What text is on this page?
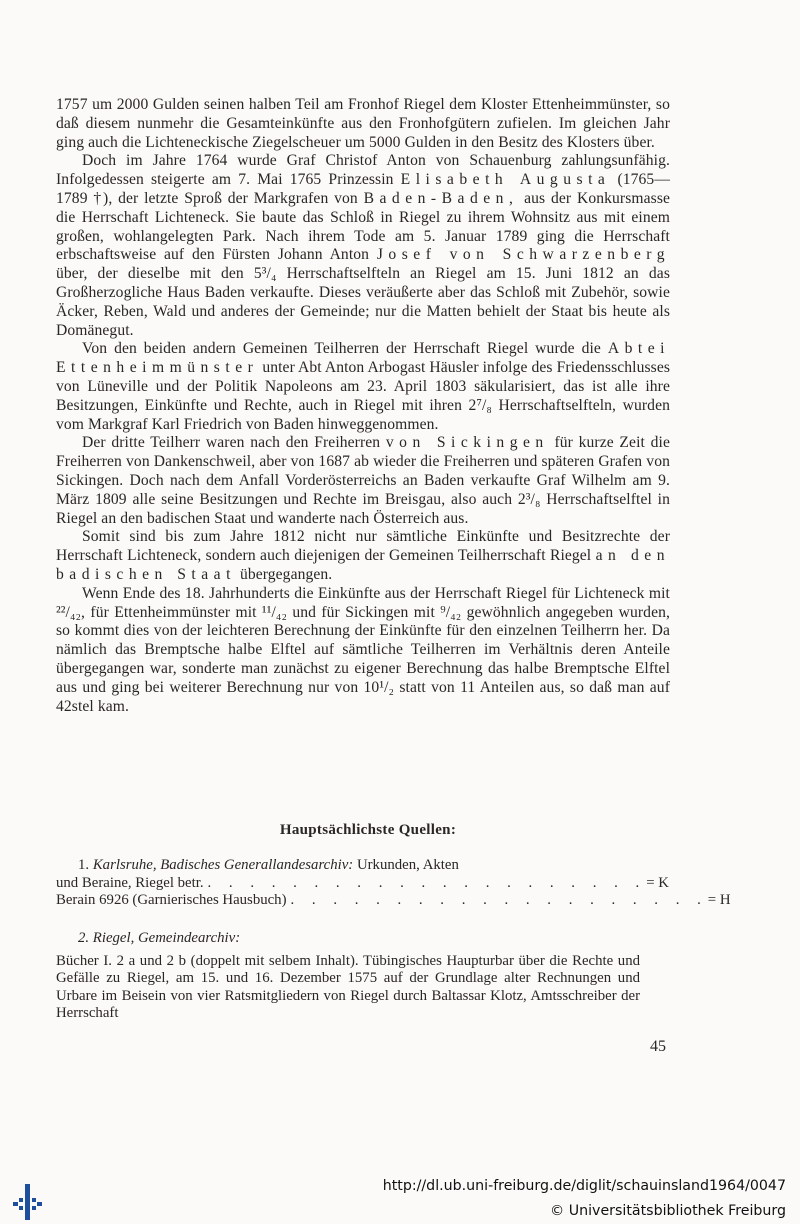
1757 um 2000 Gulden seinen halben Teil am Fronhof Riegel dem Kloster Ettenheimmünster, so daß diesem nunmehr die Gesamteinkünfte aus den Fronhofgütern zufielen. Im gleichen Jahr ging auch die Lichteneckische Ziegelscheuer um 5000 Gulden in den Besitz des Klosters über.

Doch im Jahre 1764 wurde Graf Christof Anton von Schauenburg zahlungsunfähig. Infolgedessen steigerte am 7. Mai 1765 Prinzessin Elisabeth Augusta (1765—1789 †), der letzte Sproß der Markgrafen von Baden-Baden, aus der Konkursmasse die Herrschaft Lichteneck. Sie baute das Schloß in Riegel zu ihrem Wohnsitz aus mit einem großen, wohlangelegten Park. Nach ihrem Tode am 5. Januar 1789 ging die Herrschaft erbschaftsweise auf den Fürsten Johann Anton Josef von Schwarzenberg über, der dieselbe mit den 5³/₄ Herrschaftselfteln an Riegel am 15. Juni 1812 an das Großherzogliche Haus Baden verkaufte. Dieses veräußerte aber das Schloß mit Zubehör, sowie Äcker, Reben, Wald und anderes der Gemeinde; nur die Matten behielt der Staat bis heute als Domänegut.

Von den beiden andern Gemeinen Teilherren der Herrschaft Riegel wurde die Abtei Ettenheimmünster unter Abt Anton Arbogast Häusler infolge des Friedensschlusses von Lüneville und der Politik Napoleons am 23. April 1803 säkularisiert, das ist alle ihre Besitzungen, Einkünfte und Rechte, auch in Riegel mit ihren 2⁷/₈ Herrschaftselfteln, wurden vom Markgraf Karl Friedrich von Baden hinweggenommen.

Der dritte Teilherr waren nach den Freiherren von Sickingen für kurze Zeit die Freiherren von Dankenschweil, aber von 1687 ab wieder die Freiherren und späteren Grafen von Sickingen. Doch nach dem Anfall Vorderösterreichs an Baden verkaufte Graf Wilhelm am 9. März 1809 alle seine Besitzungen und Rechte im Breisgau, also auch 2³/₈ Herrschaftselftel in Riegel an den badischen Staat und wanderte nach Österreich aus.

Somit sind bis zum Jahre 1812 nicht nur sämtliche Einkünfte und Besitzrechte der Herrschaft Lichteneck, sondern auch diejenigen der Gemeinen Teilherrschaft Riegel an den badischen Staat übergegangen.

Wenn Ende des 18. Jahrhunderts die Einkünfte aus der Herrschaft Riegel für Lichteneck mit ²²/₄₂, für Ettenheimmünster mit ¹¹/₄₂ und für Sickingen mit ⁹/₄₂ gewöhnlich angegeben wurden, so kommt dies von der leichteren Berechnung der Einkünfte für den einzelnen Teilherrn her. Da nämlich das Bremptsche halbe Elftel auf sämtliche Teilherren im Verhältnis deren Anteile übergegangen war, sonderte man zunächst zu eigener Berechnung das halbe Bremptsche Elftel aus und ging bei weiterer Berechnung nur von 10¹/₂ statt von 11 Anteilen aus, so daß man auf 42stel kam.

Hauptsächlichste Quellen:

1. Karlsruhe, Badisches Generallandesarchiv: Urkunden, Akten

und Beraine, Riegel betr. . . . . . . . . . . . . . . . . . . . . . = K
Berain 6926 (Garnierisches Hausbuch) . . . . . . . . . . . . . . . . . . . . = H

2. Riegel, Gemeindearchiv:

Bücher I. 2 a und 2 b (doppelt mit selbem Inhalt). Tübingisches Haupturbar über die Rechte und Gefälle zu Riegel, am 15. und 16. Dezember 1575 auf der Grundlage alter Rechnungen und Urbare im Beisein von vier Ratsmitgliedern von Riegel durch Baltassar Klotz, Amtsschreiber der Herrschaft

45
http://dl.ub.uni-freiburg.de/diglit/schauinsland1964/0047
© Universitätsbibliothek Freiburg
